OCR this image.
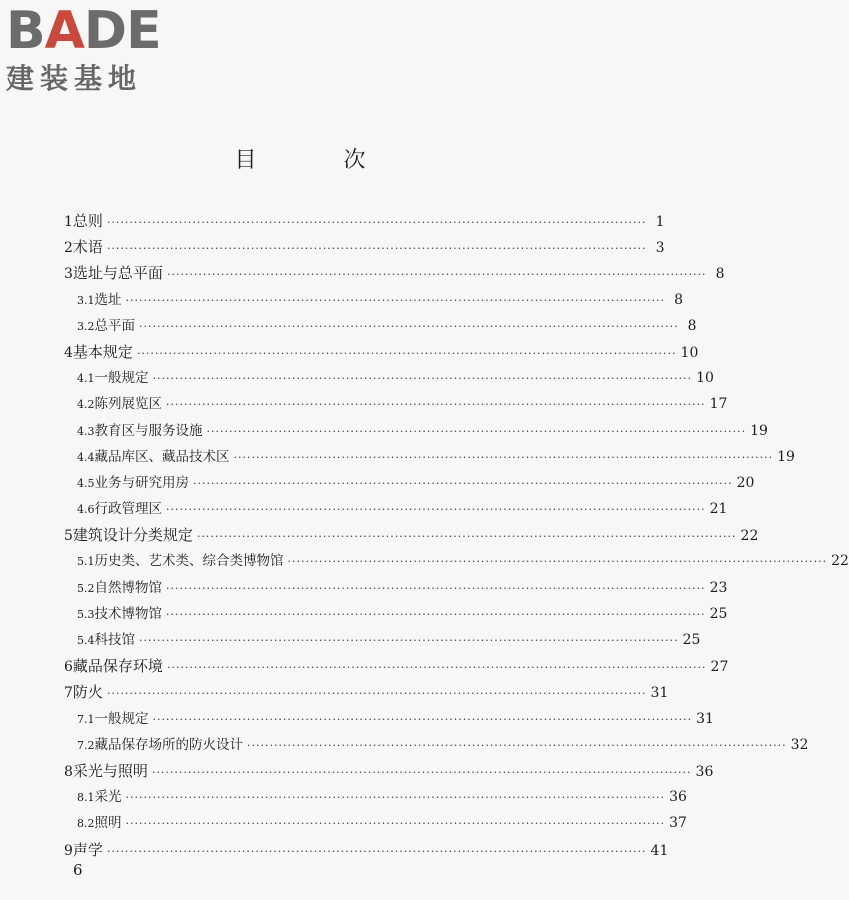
BADE
建装基地
目 次
1 总则 ························································································································ 1
2 术语 ························································································································ 3
3 选址与总平面 ························································································································ 8
3.1 选址 ························································································································ 8
3.2 总平面 ························································································································ 8
4 基本规定 ························································································································ 10
4.1 一般规定 ························································································································ 10
4.2 陈列展览区 ························································································································ 17
4.3 教育区与服务设施 ························································································································ 19
4.4 藏品库区、藏品技术区 ························································································································ 19
4.5 业务与研究用房 ························································································································ 20
4.6 行政管理区 ························································································································ 21
5 建筑设计分类规定 ························································································································ 22
5.1 历史类、艺术类、综合类博物馆 ························································································································ 22
5.2 自然博物馆 ························································································································ 23
5.3 技术博物馆 ························································································································ 25
5.4 科技馆 ························································································································ 25
6 藏品保存环境 ························································································································ 27
7 防火 ························································································································ 31
7.1 一般规定 ························································································································ 31
7.2 藏品保存场所的防火设计 ························································································································ 32
8 采光与照明 ························································································································ 36
8.1 采光 ························································································································ 36
8.2 照明 ························································································································ 37
9 声学 ························································································································ 41
6
